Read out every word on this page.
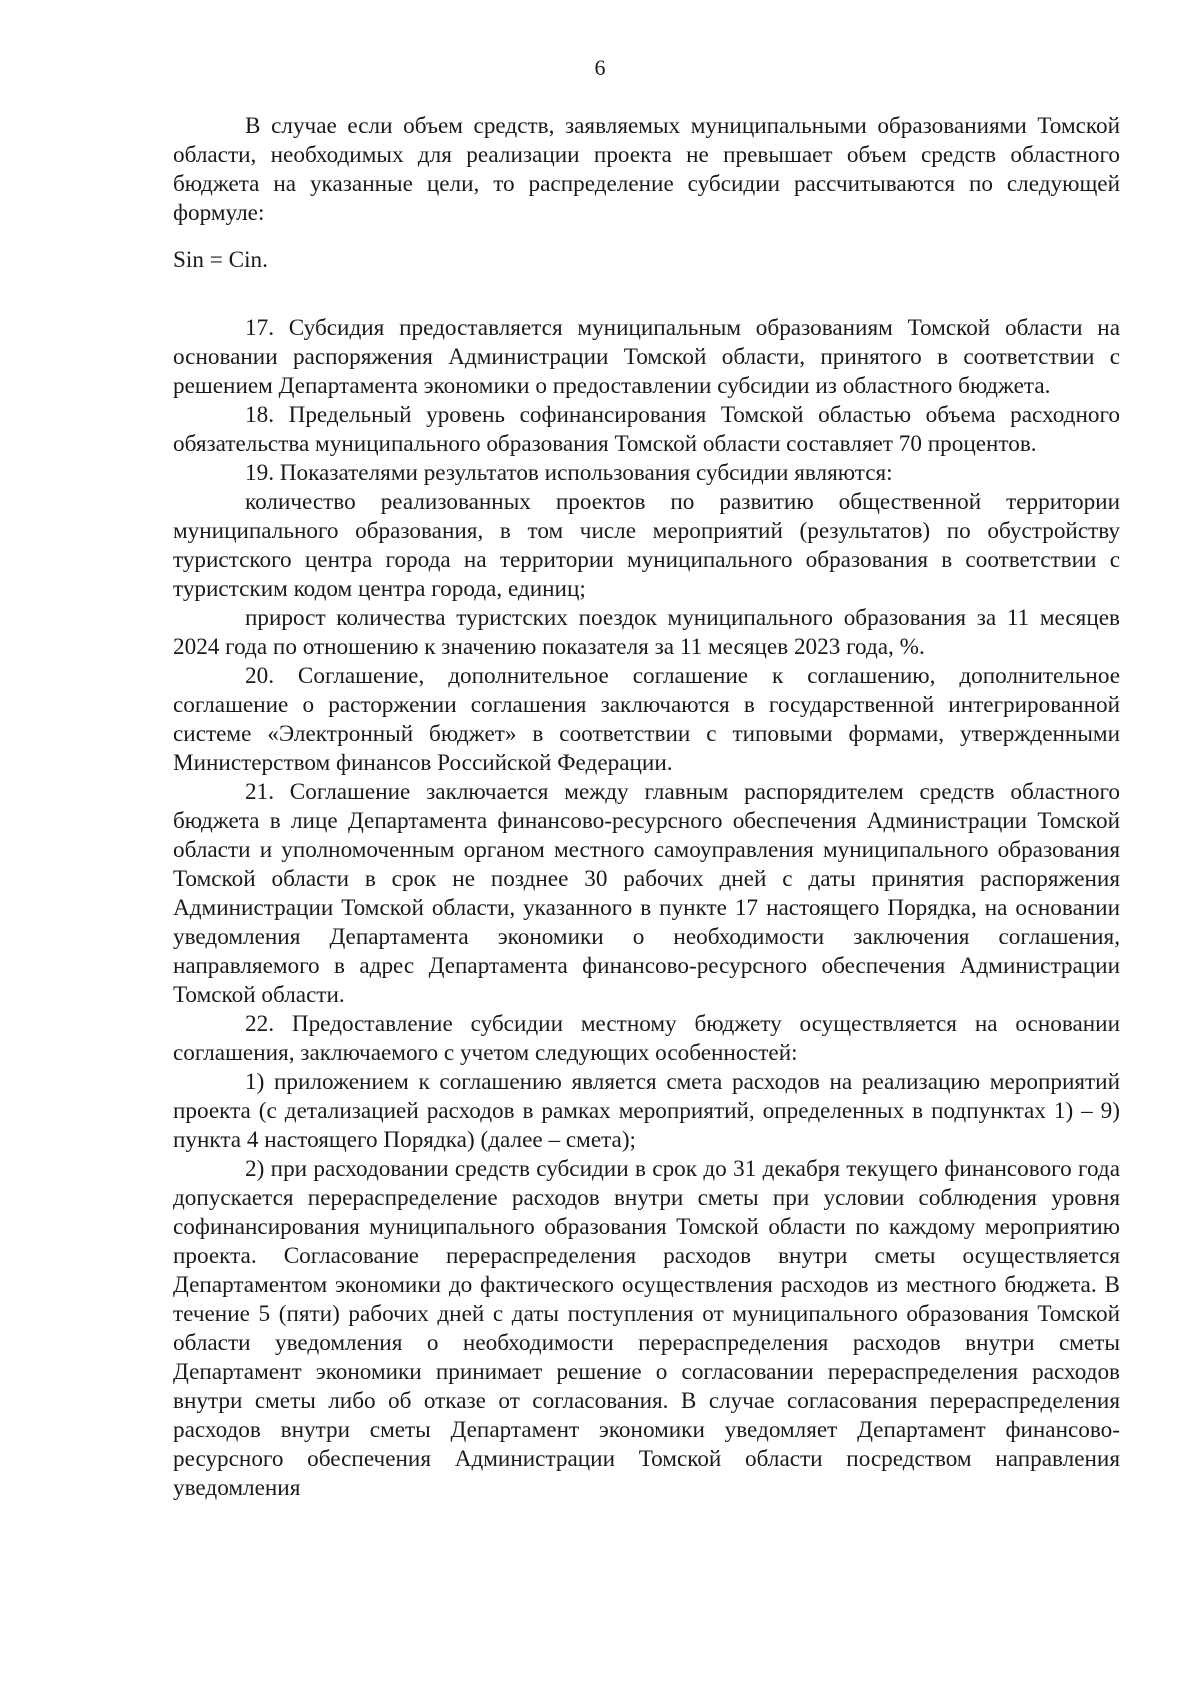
6

В случае если объем средств, заявляемых муниципальными образованиями Томской области, необходимых для реализации проекта не превышает объем средств областного бюджета на указанные цели, то распределение субсидии рассчитываются по следующей формуле:

Sin = Cin.

17. Субсидия предоставляется муниципальным образованиям Томской области на основании распоряжения Администрации Томской области, принятого в соответствии с решением Департамента экономики о предоставлении субсидии из областного бюджета.

18. Предельный уровень софинансирования Томской областью объема расходного обязательства муниципального образования Томской области составляет 70 процентов.

19. Показателями результатов использования субсидии являются:

количество реализованных проектов по развитию общественной территории муниципального образования, в том числе мероприятий (результатов) по обустройству туристского центра города на территории муниципального образования в соответствии с туристским кодом центра города, единиц;

прирост количества туристских поездок муниципального образования за 11 месяцев 2024 года по отношению к значению показателя за 11 месяцев 2023 года, %.

20. Соглашение, дополнительное соглашение к соглашению, дополнительное соглашение о расторжении соглашения заключаются в государственной интегрированной системе «Электронный бюджет» в соответствии с типовыми формами, утвержденными Министерством финансов Российской Федерации.

21. Соглашение заключается между главным распорядителем средств областного бюджета в лице Департамента финансово-ресурсного обеспечения Администрации Томской области и уполномоченным органом местного самоуправления муниципального образования Томской области в срок не позднее 30 рабочих дней с даты принятия распоряжения Администрации Томской области, указанного в пункте 17 настоящего Порядка, на основании уведомления Департамента экономики о необходимости заключения соглашения, направляемого в адрес Департамента финансово-ресурсного обеспечения Администрации Томской области.

22. Предоставление субсидии местному бюджету осуществляется на основании соглашения, заключаемого с учетом следующих особенностей:

1) приложением к соглашению является смета расходов на реализацию мероприятий проекта (с детализацией расходов в рамках мероприятий, определенных в подпунктах 1) – 9) пункта 4 настоящего Порядка) (далее – смета);

2) при расходовании средств субсидии в срок до 31 декабря текущего финансового года допускается перераспределение расходов внутри сметы при условии соблюдения уровня софинансирования муниципального образования Томской области по каждому мероприятию проекта. Согласование перераспределения расходов внутри сметы осуществляется Департаментом экономики до фактического осуществления расходов из местного бюджета. В течение 5 (пяти) рабочих дней с даты поступления от муниципального образования Томской области уведомления о необходимости перераспределения расходов внутри сметы Департамент экономики принимает решение о согласовании перераспределения расходов внутри сметы либо об отказе от согласования. В случае согласования перераспределения расходов внутри сметы Департамент экономики уведомляет Департамент финансово-ресурсного обеспечения Администрации Томской области посредством направления уведомления
